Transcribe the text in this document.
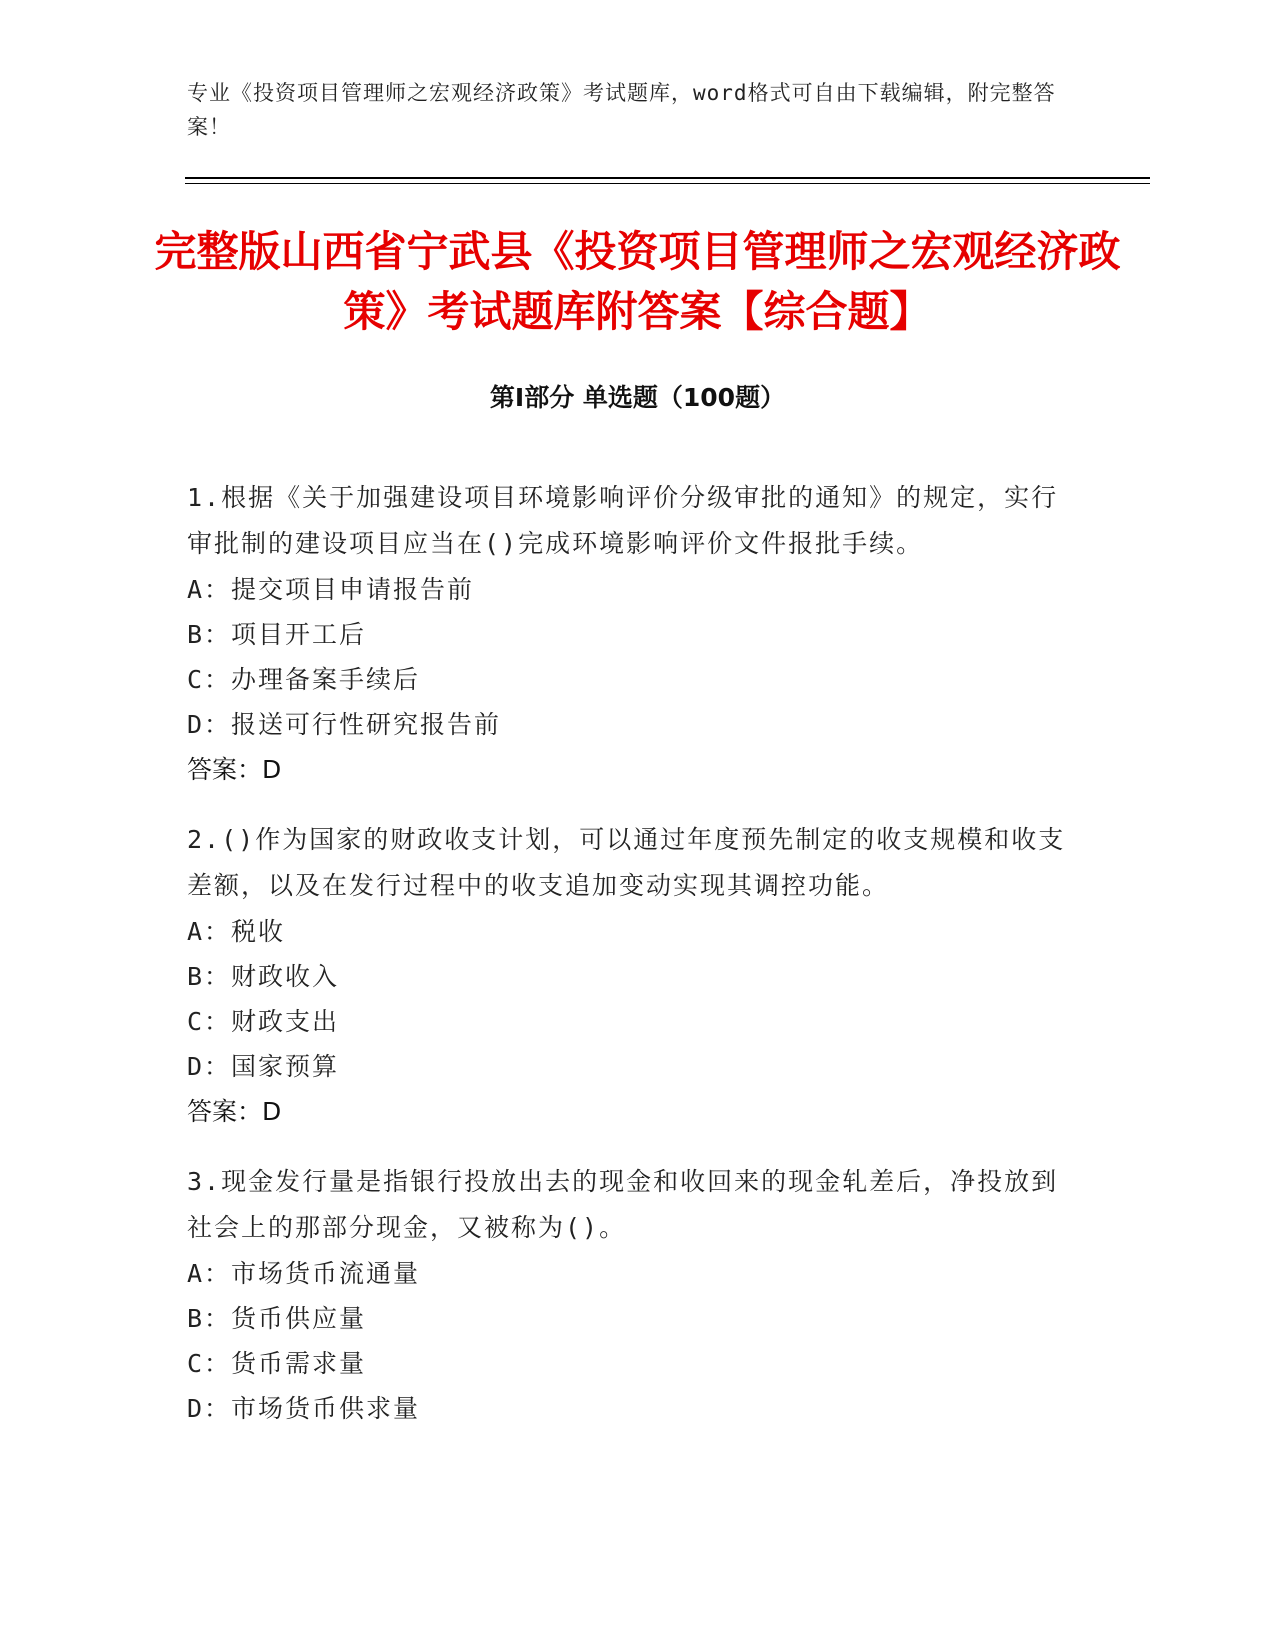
专业《投资项目管理师之宏观经济政策》考试题库，word格式可自由下载编辑，附完整答案！
完整版山西省宁武县《投资项目管理师之宏观经济政策》考试题库附答案【综合题】
第Ⅰ部分 单选题（100题）
1.根据《关于加强建设项目环境影响评价分级审批的通知》的规定，实行审批制的建设项目应当在()完成环境影响评价文件报批手续。
A：提交项目申请报告前
B：项目开工后
C：办理备案手续后
D：报送可行性研究报告前
答案：D
2.()作为国家的财政收支计划，可以通过年度预先制定的收支规模和收支差额，以及在发行过程中的收支追加变动实现其调控功能。
A：税收
B：财政收入
C：财政支出
D：国家预算
答案：D
3.现金发行量是指银行投放出去的现金和收回来的现金轧差后，净投放到社会上的那部分现金，又被称为()。
A：市场货币流通量
B：货币供应量
C：货币需求量
D：市场货币供求量
